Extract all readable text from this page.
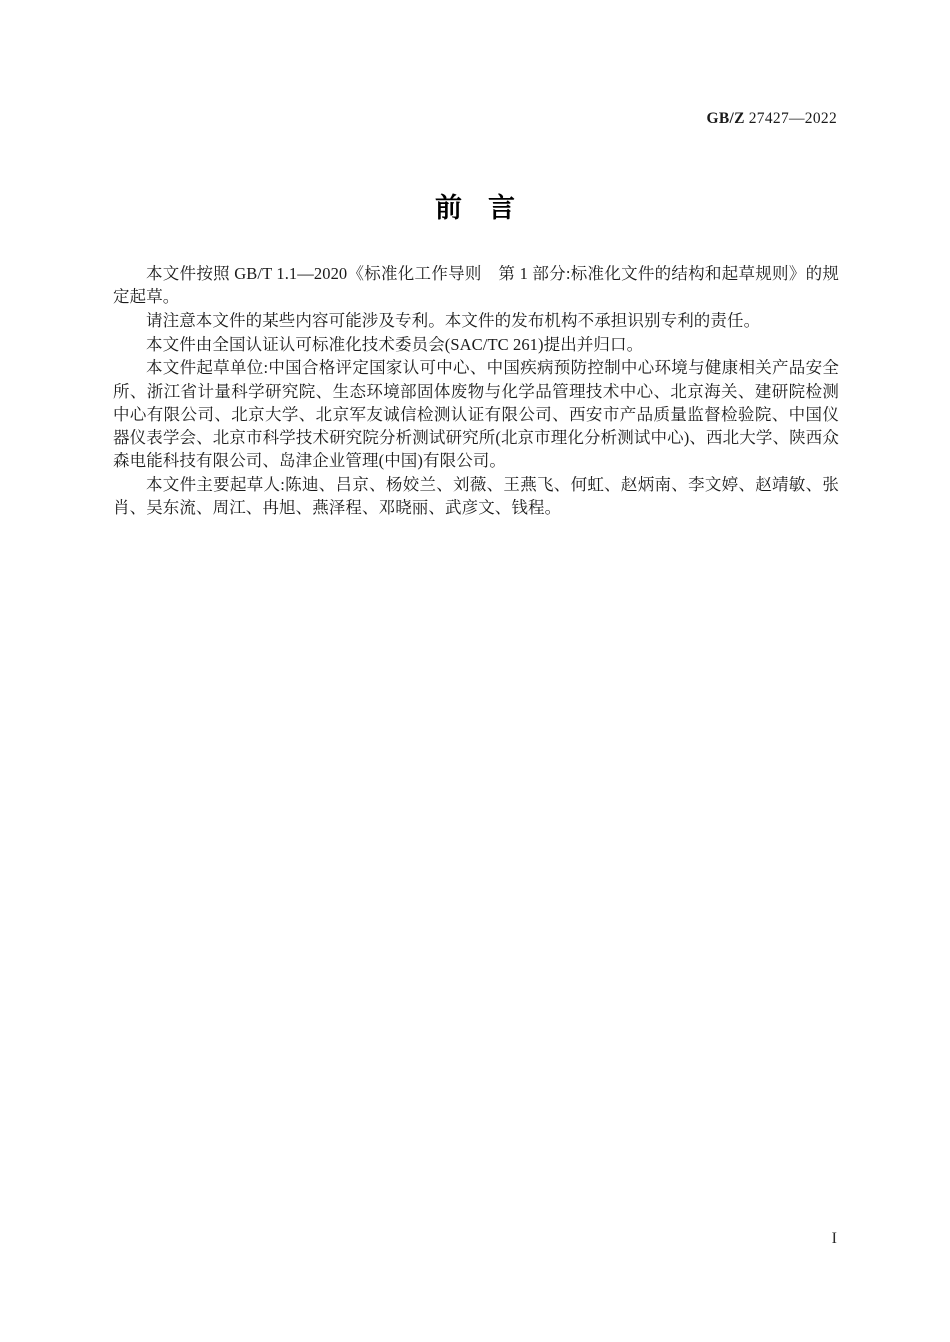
GB/Z 27427—2022
前言

本文件按照 GB/T 1.1—2020《标准化工作导则　第 1 部分:标准化文件的结构和起草规则》的规定起草。

请注意本文件的某些内容可能涉及专利。本文件的发布机构不承担识别专利的责任。

本文件由全国认证认可标准化技术委员会(SAC/TC 261)提出并归口。

本文件起草单位:中国合格评定国家认可中心、中国疾病预防控制中心环境与健康相关产品安全所、浙江省计量科学研究院、生态环境部固体废物与化学品管理技术中心、北京海关、建研院检测中心有限公司、北京大学、北京军友诚信检测认证有限公司、西安市产品质量监督检验院、中国仪器仪表学会、北京市科学技术研究院分析测试研究所(北京市理化分析测试中心)、西北大学、陕西众森电能科技有限公司、岛津企业管理(中国)有限公司。

本文件主要起草人:陈迪、吕京、杨姣兰、刘薇、王燕飞、何虹、赵炳南、李文婷、赵靖敏、张肖、吴东流、周江、冉旭、燕泽程、邓晓丽、武彦文、钱程。

I
